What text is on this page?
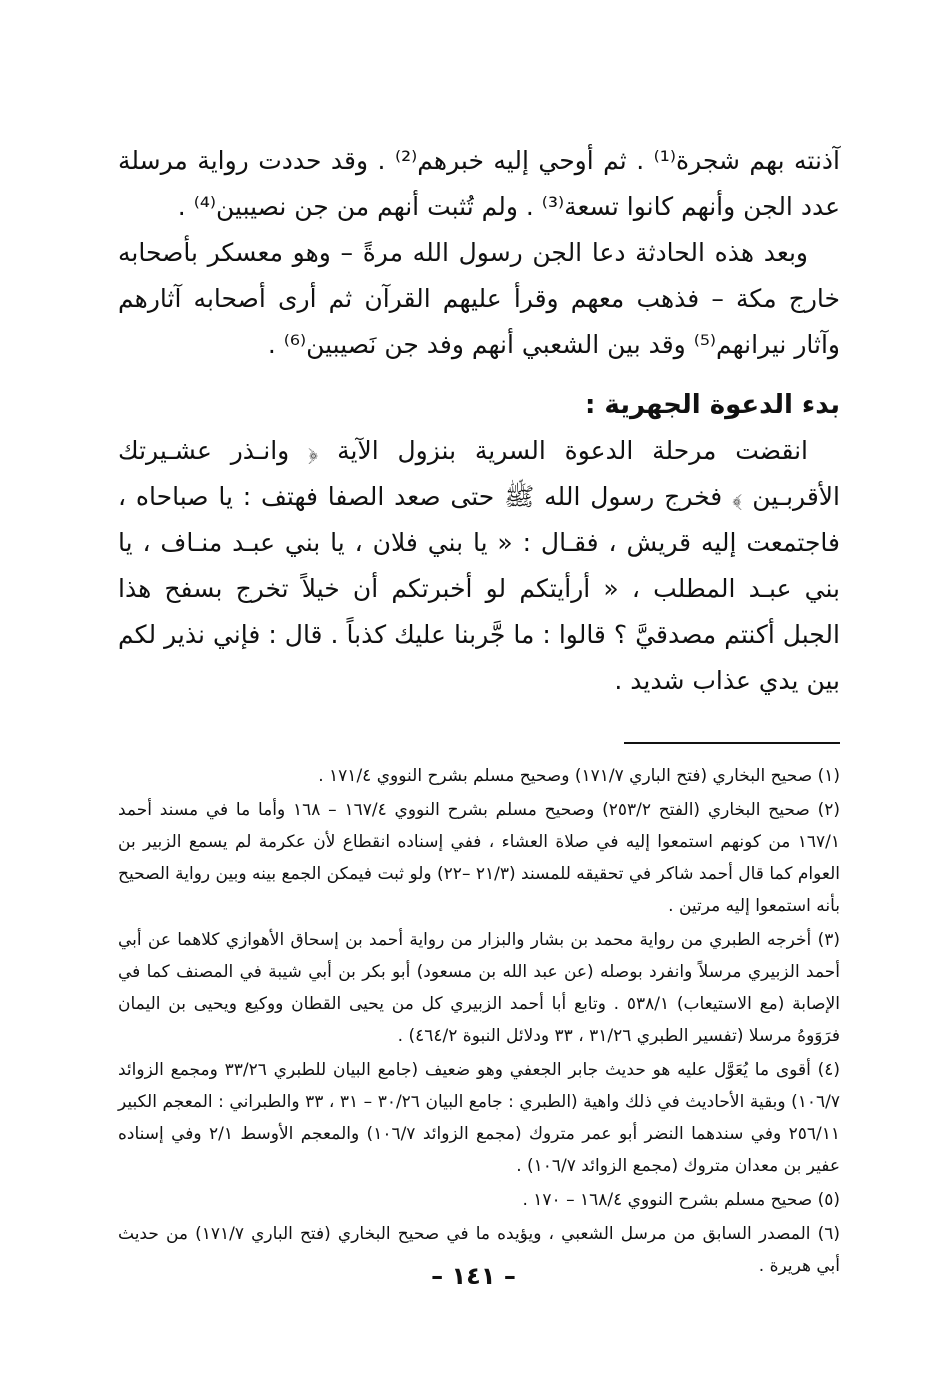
آذنته بهم شجرة⁽¹⁾ . ثم أوحي إليه خبرهم⁽²⁾ . وقد حددت رواية مرسلة عدد الجن وأنهم كانوا تسعة⁽³⁾ . ولم تُثبت أنهم من جن نصيبين⁽⁴⁾ .

وبعد هذه الحادثة دعا الجن رسول الله مرةً – وهو معسكر بأصحابه خارج مكة – فذهب معهم وقرأ عليهم القرآن ثم أرى أصحابه آثارهم وآثار نيرانهم⁽⁵⁾ وقد بين الشعبي أنهم وفد جن نَصيبين⁽⁶⁾ .

بدء الدعوة الجهرية :

انقضت مرحلة الدعوة السرية بنزول الآية ﴿ وانـذر عشـيرتك الأقربـين ﴾ فخرج رسول الله ﷺ حتى صعد الصفا فهتف : يا صباحاه ، فاجتمعت إليه قريش ، فقـال : « يا بني فلان ، يا بني عبـد منـاف ، يا بني عبـد المطلب ، « أرأيتكم لو أخبرتكم أن خيلاً تخرج بسفح هذا الجبل أكنتم مصدقيَّ ؟ قالوا : ما جَّربنا عليك كذباً . قال : فإني نذير لكم بين يدي عذاب شديد .

(١) صحيح البخاري (فتح الباري ١٧١/٧) وصحيح مسلم بشرح النووي ١٧١/٤ .

(٢) صحيح البخاري (الفتح ٢٥٣/٢) وصحيح مسلم بشرح النووي ١٦٧/٤ – ١٦٨ وأما ما في مسند أحمد ١٦٧/١ من كونهم استمعوا إليه في صلاة العشاء ، ففي إسناده انقطاع لأن عكرمة لم يسمع الزبير بن العوام كما قال أحمد شاكر في تحقيقه للمسند (٢١/٣ –٢٢) ولو ثبت فيمكن الجمع بينه وبين رواية الصحيح بأنه استمعوا إليه مرتين .

(٣) أخرجه الطبري من رواية محمد بن بشار والبزار من رواية أحمد بن إسحاق الأهوازي كلاهما عن أبي أحمد الزبيري مرسلاً وانفرد بوصله (عن عبد الله بن مسعود) أبو بكر بن أبي شيبة في المصنف كما في الإصابة (مع الاستيعاب) ٥٣٨/١ . وتابع أبا أحمد الزبيري كل من يحيى القطان ووكيع ويحيى بن اليمان فرَوَوهُ مرسلا (تفسير الطبري ٣١/٢٦ ، ٣٣ ودلائل النبوة ٤٦٤/٢) .

(٤) أقوى ما يُعَوَّل عليه هو حديث جابر الجعفي وهو ضعيف (جامع البيان للطبري ٣٣/٢٦ ومجمع الزوائد ١٠٦/٧) وبقية الأحاديث في ذلك واهية (الطبري : جامع البيان ٣٠/٢٦ – ٣١ ، ٣٣ والطبراني : المعجم الكبير ٢٥٦/١١ وفي سندهما النضر أبو عمر متروك (مجمع الزوائد ١٠٦/٧) والمعجم الأوسط ٢/١ وفي إسناده عفير بن معدان متروك (مجمع الزوائد ١٠٦/٧) .

(٥) صحيح مسلم بشرح النووي ١٦٨/٤ – ١٧٠ .

(٦) المصدر السابق من مرسل الشعبي ، ويؤيده ما في صحيح البخاري (فتح الباري ١٧١/٧) من حديث أبي هريرة .

– ١٤١ –
